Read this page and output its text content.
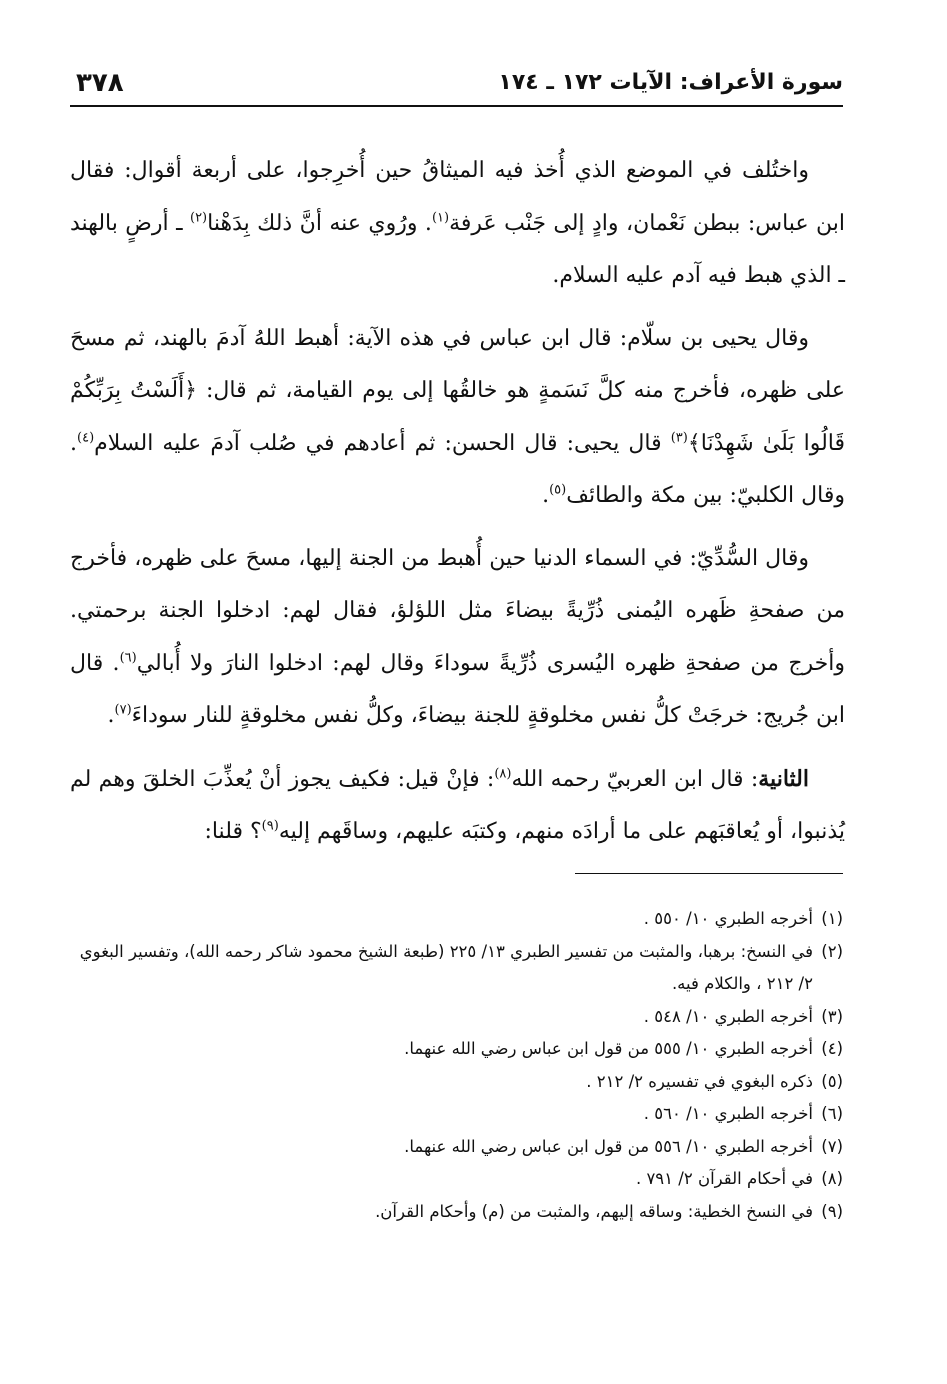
سورة الأعراف: الآيات ١٧٢ ـ ١٧٤
٣٧٨

واختُلف في الموضع الذي أُخذ فيه الميثاقُ حين أُخرِجوا، على أربعة أقوال: فقال ابن عباس: ببطن نَعْمان، وادٍ إلى جَنْب عَرفة$^{(١)}$. ورُوي عنه أنَّ ذلك بِدَهْنا$^{(٢)}$ ـ أرضٍ بالهند ـ الذي هبط فيه آدم عليه السلام.

وقال يحيى بن سلّام: قال ابن عباس في هذه الآية: أهبط اللهُ آدمَ بالهند، ثم مسحَ على ظهره، فأخرج منه كلَّ نَسَمةٍ هو خالقُها إلى يوم القيامة، ثم قال: ﴿أَلَسْتُ بِرَبِّكُمْ قَالُوا بَلَىٰ شَهِدْنَا﴾$^{(٣)}$ قال يحيى: قال الحسن: ثم أعادهم في صُلب آدمَ عليه السلام$^{(٤)}$. وقال الكلبيّ: بين مكة والطائف$^{(٥)}$.

وقال السُّدِّيّ: في السماء الدنيا حين أُهبط من الجنة إليها، مسحَ على ظهره، فأخرج من صفحةِ ظَهره اليُمنى ذُرِّيةً بيضاءَ مثل اللؤلؤ، فقال لهم: ادخلوا الجنة برحمتي. وأخرج من صفحةِ ظهره اليُسرى ذُرِّيةً سوداءَ وقال لهم: ادخلوا النارَ ولا أُبالي$^{(٦)}$. قال ابن جُريج: خرجَتْ كلُّ نفس مخلوقةٍ للجنة بيضاءَ، وكلُّ نفس مخلوقةٍ للنار سوداءَ$^{(٧)}$.

الثانية: قال ابن العربيّ رحمه الله$^{(٨)}$: فإنْ قيل: فكيف يجوز أنْ يُعذِّبَ الخلقَ وهم لم يُذنبوا، أو يُعاقبَهم على ما أرادَه منهم، وكتبَه عليهم، وساقَهم إليه$^{(٩)}$؟ قلنا:

(١)
أخرجه الطبري ١٠/ ٥٥٠ .
(٢)
في النسخ: برهبا، والمثبت من تفسير الطبري ١٣/ ٢٢٥ (طبعة الشيخ محمود شاكر رحمه الله)، وتفسير البغوي ٢/ ٢١٢ ، والكلام فيه.
(٣)
أخرجه الطبري ١٠/ ٥٤٨ .
(٤)
أخرجه الطبري ١٠/ ٥٥٥ من قول ابن عباس رضي الله عنهما.
(٥)
ذكره البغوي في تفسيره ٢/ ٢١٢ .
(٦)
أخرجه الطبري ١٠/ ٥٦٠ .
(٧)
أخرجه الطبري ١٠/ ٥٥٦ من قول ابن عباس رضي الله عنهما.
(٨)
في أحكام القرآن ٢/ ٧٩١ .
(٩)
في النسخ الخطية: وساقه إليهم، والمثبت من (م) وأحكام القرآن.
